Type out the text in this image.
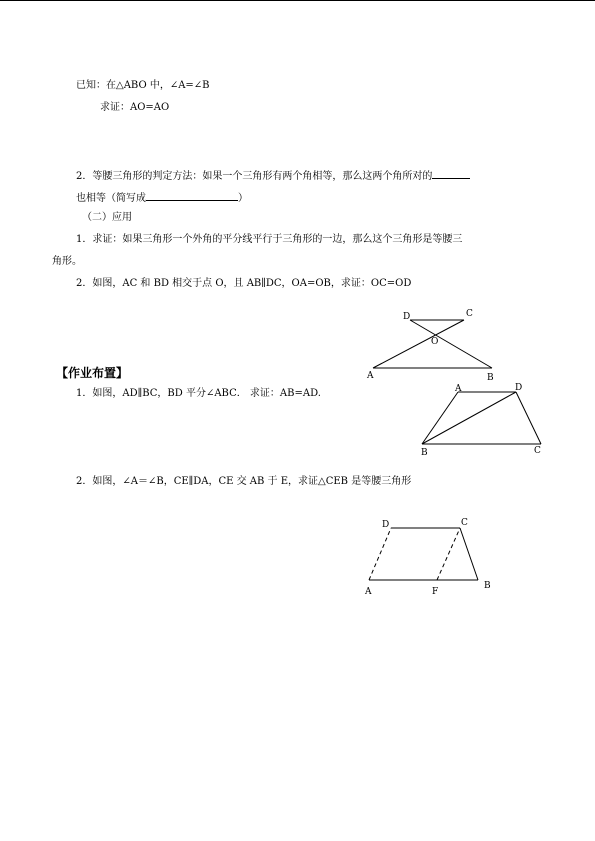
已知：在△ABO 中，∠A=∠B
求证：AO=AO
2．等腰三角形的判定方法：如果一个三角形有两个角相等，那么这两个角所对的
也相等（简写成	）
（二）应用
1．求证：如果三角形一个外角的平分线平行于三角形的一边，那么这个三角形是等腰三
角形。
2．如图，AC 和 BD 相交于点 O，且 AB∥DC，OA=OB，求证：OC=OD
【作业布置】
1．如图，AD∥BC，BD 平分∠ABC． 求证：AB=AD.
2．如图，∠A＝∠B，CE∥DA，CE 交 AB 于 E，求证△CEB 是等腰三角形
D	C
O
A	B
A	D
B	C
D	C
A	F
B
